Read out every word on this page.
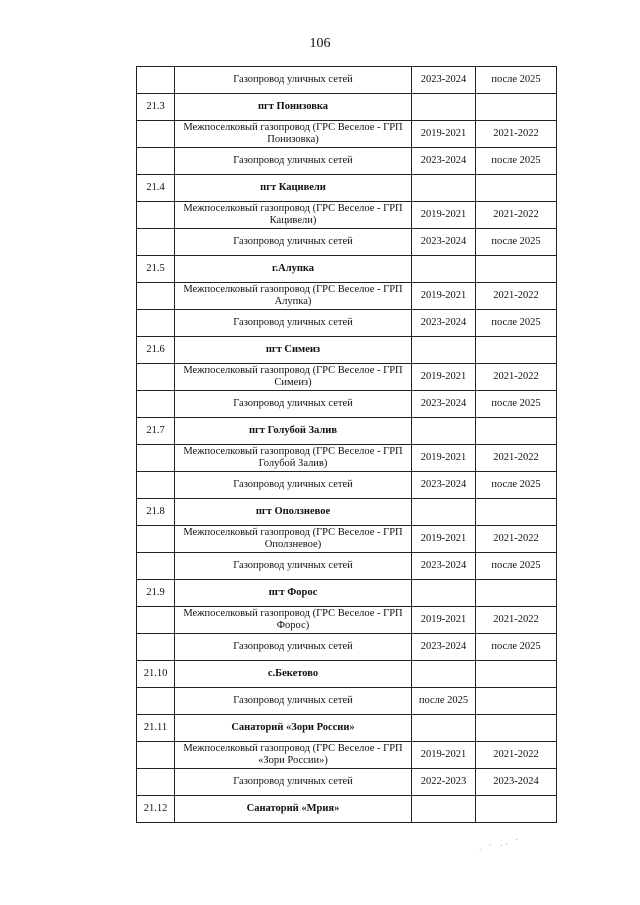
106
	Газопровод уличных сетей	2023-2024	после 2025
21.3	пгт Понизовка		
	Межпоселковый газопровод (ГРС Веселое - ГРП Понизовка)	2019-2021	2021-2022
	Газопровод уличных сетей	2023-2024	после 2025
21.4	пгт Кацивели		
	Межпоселковый газопровод (ГРС Веселое - ГРП Кацивели)	2019-2021	2021-2022
	Газопровод уличных сетей	2023-2024	после 2025
21.5	г.Алупка		
	Межпоселковый газопровод (ГРС Веселое - ГРП Алупка)	2019-2021	2021-2022
	Газопровод уличных сетей	2023-2024	после 2025
21.6	пгт Симеиз		
	Межпоселковый газопровод (ГРС Веселое - ГРП Симеиз)	2019-2021	2021-2022
	Газопровод уличных сетей	2023-2024	после 2025
21.7	пгт Голубой Залив		
	Межпоселковый газопровод (ГРС Веселое - ГРП Голубой Залив)	2019-2021	2021-2022
	Газопровод уличных сетей	2023-2024	после 2025
21.8	пгт Оползневое		
	Межпоселковый газопровод (ГРС Веселое - ГРП Оползневое)	2019-2021	2021-2022
	Газопровод уличных сетей	2023-2024	после 2025
21.9	пгт Форос		
	Межпоселковый газопровод (ГРС Веселое - ГРП Форос)	2019-2021	2021-2022
	Газопровод уличных сетей	2023-2024	после 2025
21.10	с.Бекетово		
	Газопровод уличных сетей	после 2025	
21.11	Санаторий «Зори России»		
	Межпоселковый газопровод (ГРС Веселое - ГРП «Зори России»)	2019-2021	2021-2022
	Газопровод уличных сетей	2022-2023	2023-2024
21.12	Санаторий «Мрия»		
. · .. ·
